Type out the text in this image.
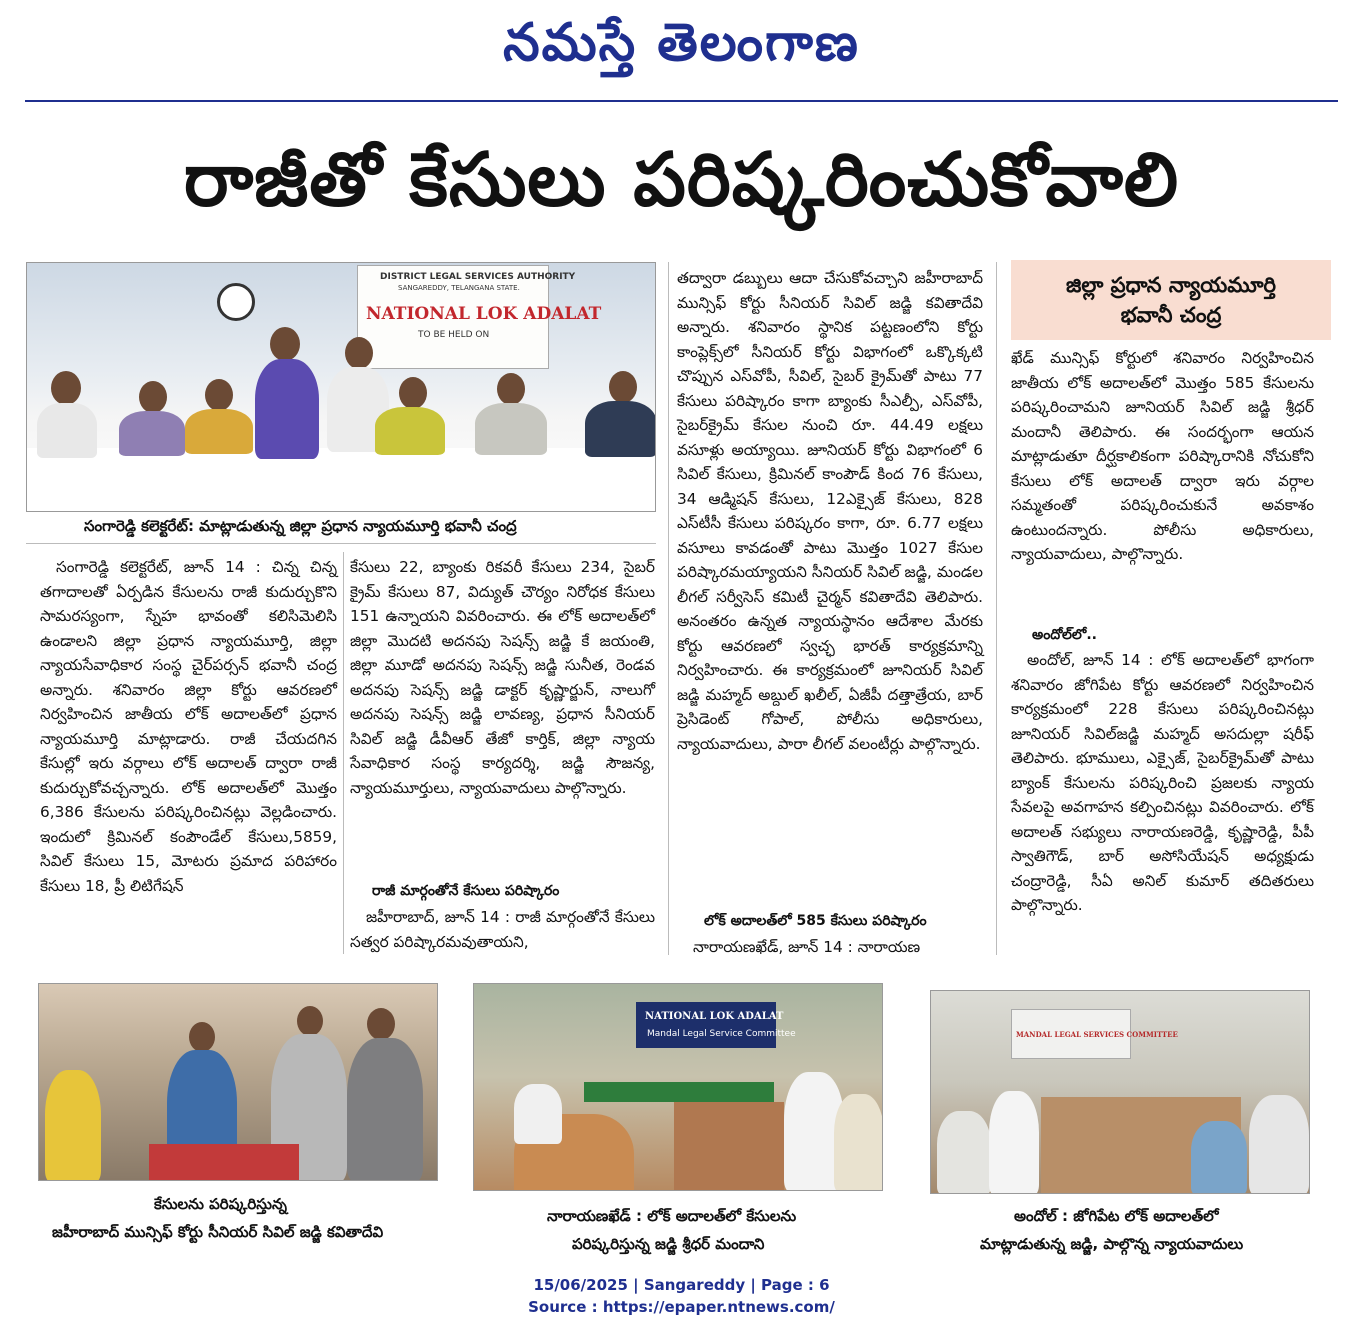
నమస్తే తెలంగాణ
రాజీతో కేసులు పరిష్కరించుకోవాలి
DISTRICT LEGAL SERVICES AUTHORITY
SANGAREDDY, TELANGANA STATE.
NATIONAL LOK ADALAT
TO BE HELD ON
సంగారెడ్డి కలెక్టరేట్‌: మాట్లాడుతున్న జిల్లా ప్రధాన న్యాయమూర్తి భవానీ చంద్ర

సంగారెడ్డి కలెక్టరేట్‌, జూన్‌ 14 : చిన్న చిన్న తగాదాలతో ఏర్పడిన కేసులను రాజీ కుదుర్చుకొని సామరస్యంగా, స్నేహ భావంతో కలిసిమెలిసి ఉండాలని జిల్లా ప్రధాన న్యాయమూర్తి, జిల్లా న్యాయసేవాధికార సంస్థ చైర్‌పర్సన్‌ భవానీ చంద్ర అన్నారు. శనివారం జిల్లా కోర్టు ఆవరణలో నిర్వహించిన జాతీయ లోక్‌ అదాలత్‌లో ప్రధాన న్యాయమూర్తి మాట్లాడారు. రాజీ చేయదగిన కేసుల్లో ఇరు వర్గాలు లోక్‌ అదాలత్‌ ద్వారా రాజీ కుదుర్చుకోవచ్చన్నారు. లోక్‌ అదాలత్‌లో మొత్తం 6,386 కేసులను పరిష్కరించినట్లు వెల్లడించారు. ఇందులో క్రిమినల్‌ కంపౌండేల్‌ కేసులు,5859, సివిల్‌ కేసులు 15, మోటరు ప్రమాద పరిహారం కేసులు 18, ప్రీ లిటిగేషన్‌

కేసులు 22, బ్యాంకు రికవరీ కేసులు 234, సైబర్‌ క్రైమ్‌ కేసులు 87, విద్యుత్‌ చౌర్యం నిరోధక కేసులు 151 ఉన్నాయని వివరించారు. ఈ లోక్‌ అదాలత్‌లో జిల్లా మొదటి అదనపు సెషన్స్‌ జడ్జి కే జయంతి, జిల్లా మూడో అదనపు సెషన్స్‌ జడ్జి సునీత, రెండవ అదనపు సెషన్స్‌ జడ్జి డాక్టర్‌ కృష్ణార్జున్‌, నాలుగో అదనపు సెషన్స్‌ జడ్జి లావణ్య, ప్రధాన సీనియర్‌ సివిల్‌ జడ్జి డీవీఆర్‌ తేజో కార్తిక్‌, జిల్లా న్యాయ సేవాధికార సంస్థ కార్యదర్శి, జడ్జి సౌజన్య, న్యాయమూర్తులు, న్యాయవాదులు పాల్గొన్నారు.

రాజీ మార్గంతోనే కేసులు పరిష్కారం

జహీరాబాద్‌, జూన్‌ 14 : రాజీ మార్గంతోనే కేసులు సత్వర పరిష్కారమవుతాయని,

తద్వారా డబ్బులు ఆదా చేసుకోవచ్చాని జహీరాబాద్‌ మున్సిఫ్‌ కోర్టు సీనియర్‌ సివిల్‌ జడ్జి కవితాదేవి అన్నారు. శనివారం స్థానిక పట్టణంలోని కోర్టు కాంప్లెక్స్‌లో సీనియర్‌ కోర్టు విభాగంలో ఒక్కొక్కటి చొప్పున ఎస్‌వోపీ, సీవిల్‌, సైబర్‌ క్రైమ్‌తో పాటు 77 కేసులు పరిష్కారం కాగా బ్యాంకు సీఎల్పీ, ఎస్‌వోపీ, సైబర్‌క్రైమ్‌ కేసుల నుంచి రూ. 44.49 లక్షలు వసూళ్లు అయ్యాయి. జూనియర్‌ కోర్టు విభాగంలో 6 సివిల్‌ కేసులు, క్రిమినల్‌ కాంపౌడ్‌ కింద 76 కేసులు, 34 ఆడ్మిషన్‌ కేసులు, 12ఎక్సైజ్‌ కేసులు, 828 ఎస్‌టీసీ కేసులు పరిష్కరం కాగా, రూ. 6.77 లక్షలు వసూలు కావడంతో పాటు మొత్తం 1027 కేసుల పరిష్కారమయ్యాయని సీనియర్‌ సివిల్‌ జడ్జి, మండల లీగల్‌ సర్వీసెస్‌ కమిటీ చైర్మన్‌ కవితాదేవి తెలిపారు. అనంతరం ఉన్నత న్యాయస్థానం ఆదేశాల మేరకు కోర్టు ఆవరణలో స్వచ్ఛ భారత్‌ కార్యక్రమాన్ని నిర్వహించారు. ఈ కార్యక్రమంలో జూనియర్‌ సివిల్‌ జడ్జి మహ్మద్‌ అబ్దుల్‌ ఖలీల్‌, ఏజీపీ దత్తాత్రేయ, బార్‌ ప్రెసిడెంట్‌ గోపాల్‌, పోలీసు అధికారులు, న్యాయవాదులు, పారా లీగల్‌ వలంటీర్లు పాల్గొన్నారు.

లోక్‌ అదాలత్‌లో 585 కేసులు పరిష్కారం

నారాయణఖేడ్‌, జూన్‌ 14 : నారాయణ

జిల్లా ప్రధాన న్యాయమూర్తి
భవానీ చంద్ర

ఖేడ్‌ మున్సిఫ్‌ కోర్టులో శనివారం నిర్వహించిన జాతీయ లోక్‌ అదాలత్‌లో మొత్తం 585 కేసులను పరిష్కరించామని జూనియర్‌ సివిల్‌ జడ్జి శ్రీధర్‌ మందానీ తెలిపారు. ఈ సందర్భంగా ఆయన మాట్లాడుతూ దీర్ఘకాలికంగా పరిష్కారానికి నోచుకోని కేసులు లోక్‌ అదాలత్‌ ద్వారా ఇరు వర్గాల సమ్మతంతో పరిష్కరించుకునే అవకాశం ఉంటుందన్నారు. పోలీసు అధికారులు, న్యాయవాదులు, పాల్గొన్నారు.

అందోల్‌లో..

అందోల్‌, జూన్‌ 14 : లోక్‌ అదాలత్‌లో భాగంగా శనివారం జోగిపేట కోర్టు ఆవరణలో నిర్వహించిన కార్యక్రమంలో 228 కేసులు పరిష్కరించినట్లు జూనియర్‌ సివిల్‌జడ్జి మహ్మద్‌ అసదుల్లా షరీఫ్‌ తెలిపారు. భూములు, ఎక్సైజ్‌, సైబర్‌క్రైమ్‌తో పాటు బ్యాంక్‌ కేసులను పరిష్కరించి ప్రజలకు న్యాయ సేవలపై అవగాహన కల్పించినట్లు వివరించారు. లోక్‌ అదాలత్‌ సభ్యులు నారాయణరెడ్డి, కృష్ణారెడ్డి, పీపీ స్వాతిగౌడ్‌, బార్‌ అసోసియేషన్‌ అధ్యక్షుడు చంద్రారెడ్డి, సీఏ అనిల్‌ కుమార్‌ తదితరులు పాల్గొన్నారు.

కేసులను పరిష్కరిస్తున్న
జహీరాబాద్‌ మున్సిఫ్‌ కోర్టు సీనియర్‌ సివిల్‌ జడ్జి కవితాదేవి
NATIONAL LOK ADALAT
Mandal Legal Service Committee
నారాయణఖేడ్‌ : లోక్‌ అదాలత్‌లో కేసులను
పరిష్కరిస్తున్న జడ్జి శ్రీధర్‌ మందాని
MANDAL LEGAL SERVICES COMMITTEE
అందోల్‌ : జోగిపేట లోక్‌ అదాలత్‌లో
మాట్లాడుతున్న జడ్జి, పాల్గొన్న న్యాయవాదులు
15/06/2025 | Sangareddy | Page : 6
Source : https://epaper.ntnews.com/
